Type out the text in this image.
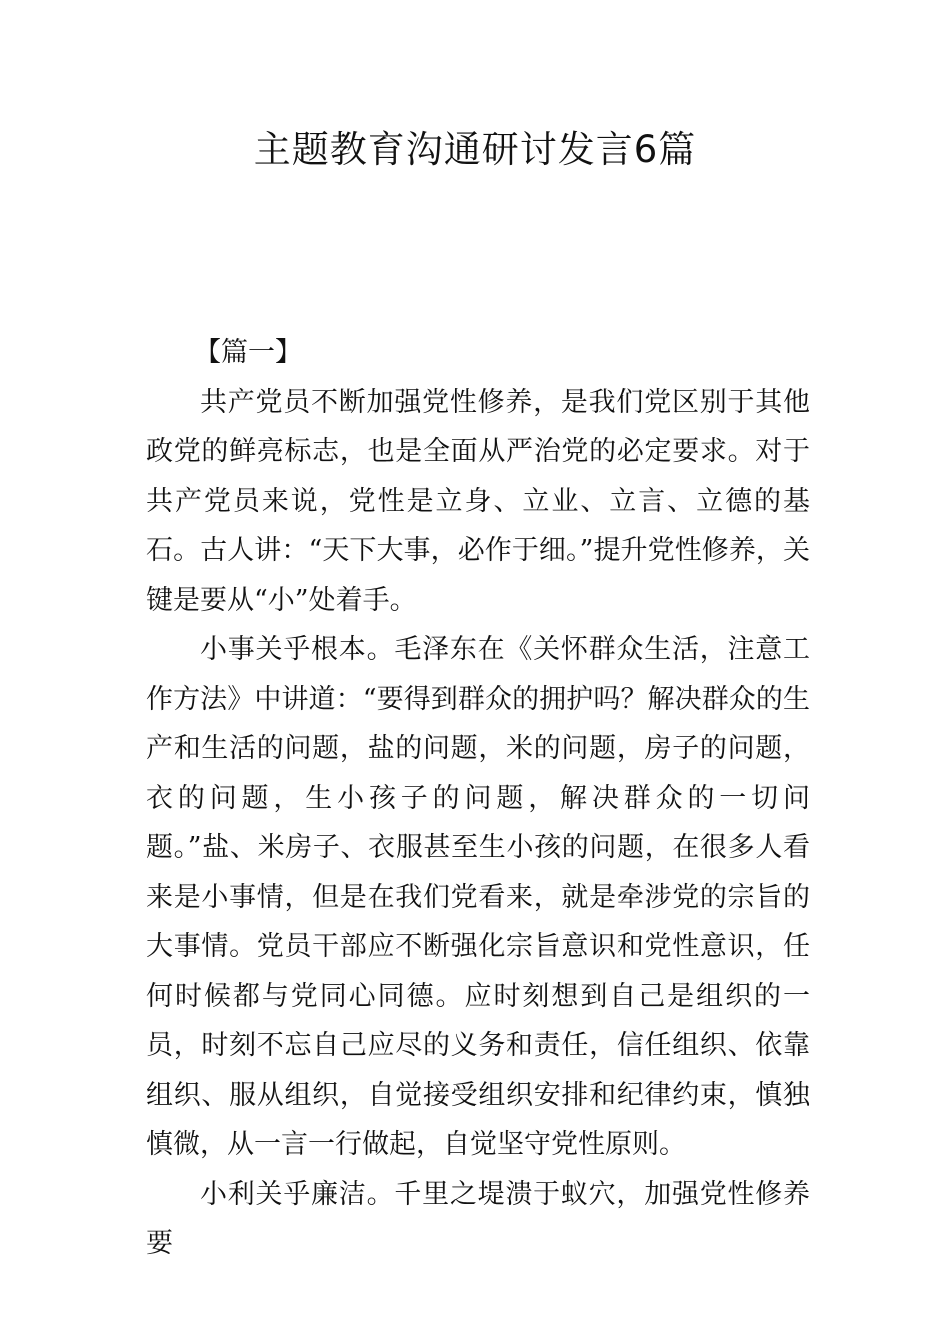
主题教育沟通研讨发言6篇
【篇一】

共产党员不断加强党性修养，是我们党区别于其他政党的鲜亮标志，也是全面从严治党的必定要求。对于共产党员来说，党性是立身、立业、立言、立德的基石。古人讲：“天下大事，必作于细。”提升党性修养，关键是要从“小”处着手。

小事关乎根本。毛泽东在《关怀群众生活，注意工作方法》中讲道：“要得到群众的拥护吗？解决群众的生产和生活的问题，盐的问题，米的问题，房子的问题，衣的问题，生小孩子的问题，解决群众的一切问题。”盐、米房子、衣服甚至生小孩的问题，在很多人看来是小事情，但是在我们党看来，就是牵涉党的宗旨的大事情。党员干部应不断强化宗旨意识和党性意识，任何时候都与党同心同德。应时刻想到自己是组织的一员，时刻不忘自己应尽的义务和责任，信任组织、依靠组织、服从组织，自觉接受组织安排和纪律约束，慎独慎微，从一言一行做起，自觉坚守党性原则。

小利关乎廉洁。千里之堤溃于蚁穴，加强党性修养要
